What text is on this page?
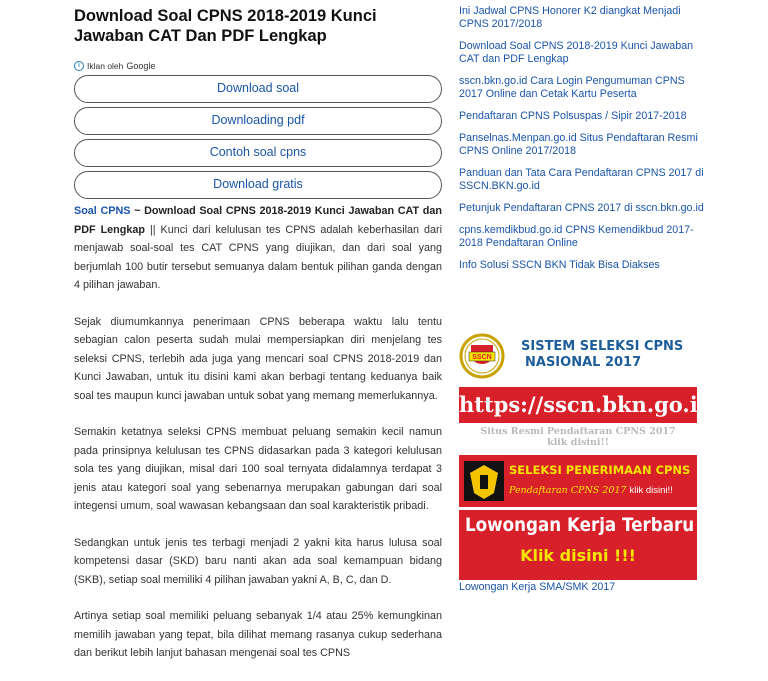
Download Soal CPNS 2018-2019 Kunci Jawaban CAT Dan PDF Lengkap
i Iklan oleh Google
Download soal
Downloading pdf
Contoh soal cpns
Download gratis

Soal CPNS ~ Download Soal CPNS 2018-2019 Kunci Jawaban CAT dan PDF Lengkap || Kunci dari kelulusan tes CPNS adalah keberhasilan dari menjawab soal-soal tes CAT CPNS yang diujikan, dan dari soal yang berjumlah 100 butir tersebut semuanya dalam bentuk pilihan ganda dengan 4 pilihan jawaban.

Sejak diumumkannya penerimaan CPNS beberapa waktu lalu tentu sebagian calon peserta sudah mulai mempersiapkan diri menjelang tes seleksi CPNS, terlebih ada juga yang mencari soal CPNS 2018-2019 dan Kunci Jawaban, untuk itu disini kami akan berbagi tentang keduanya baik soal tes maupun kunci jawaban untuk sobat yang memang memerlukannya.

Semakin ketatnya seleksi CPNS membuat peluang semakin kecil namun pada prinsipnya kelulusan tes CPNS didasarkan pada 3 kategori kelulusan sola tes yang diujikan, misal dari 100 soal ternyata didalamnya terdapat 3 jenis atau kategori soal yang sebenarnya merupakan gabungan dari soal integensi umum, soal wawasan kebangsaan dan soal karakteristik pribadi.

Sedangkan untuk jenis tes terbagi menjadi 2 yakni kita harus lulusa soal kompetensi dasar (SKD) baru nanti akan ada soal kemampuan bidang (SKB), setiap soal memiliki 4 pilihan jawaban yakni A, B, C, dan D.

Artinya setiap soal memiliki peluang sebanyak 1/4 atau 25% kemungkinan memilih jawaban yang tepat, bila dilihat memang rasanya cukup sederhana dan berikut lebih lanjut bahasan mengenai soal tes CPNS

Ini Jadwal CPNS Honorer K2 diangkat Menjadi CPNS 2017/2018
Download Soal CPNS 2018-2019 Kunci Jawaban CAT dan PDF Lengkap
sscn.bkn.go.id Cara Login Pengumuman CPNS 2017 Online dan Cetak Kartu Peserta
Pendaftaran CPNS Polsuspas / Sipir 2017-2018
Panselnas.Menpan.go.id Situs Pendaftaran Resmi CPNS Online 2017/2018
Panduan dan Tata Cara Pendaftaran CPNS 2017 di SSCN.BKN.go.id
Petunjuk Pendaftaran CPNS 2017 di sscn.bkn.go.id
cpns.kemdikbud.go.id CPNS Kemendikbud 2017-2018 Pendaftaran Online
Info Solusi SSCN BKN Tidak Bisa Diakses
SSCN
SISTEM SELEKSI CPNS
NASIONAL 2017
https://sscn.bkn.go.id
Situs Resmi Pendaftaran CPNS 2017
klik disini!!
SELEKSI PENERIMAAN CPNS
Pendaftaran CPNS 2017 klik disini!!
Lowongan Kerja Terbaru
Klik disini !!!
Lowongan Kerja SMA/SMK 2017
